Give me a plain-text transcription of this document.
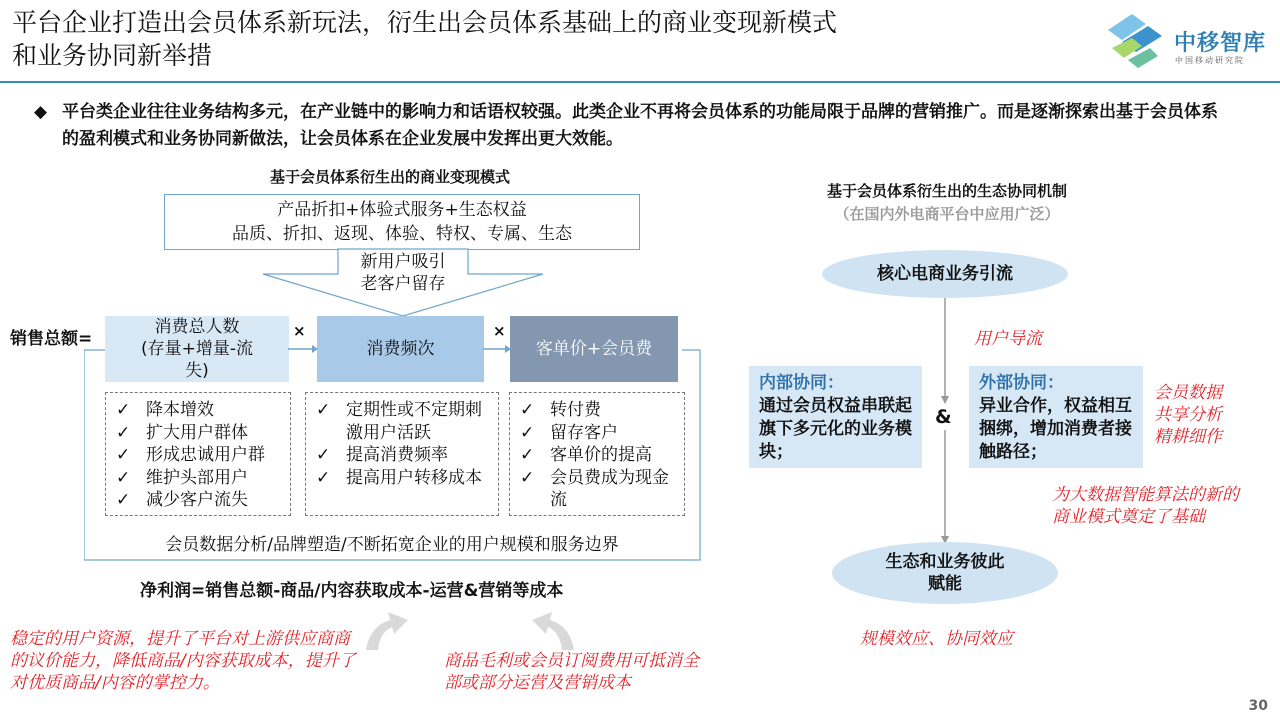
平台企业打造出会员体系新玩法，衍生出会员体系基础上的商业变现新模式
和业务协同新举措	中移智库
中国移动研究院
◆ 平台类企业往往业务结构多元，在产业链中的影响力和话语权较强。此类企业不再将会员体系的功能局限于品牌的营销推广。而是逐渐探索出基于会员体系的盈利模式和业务协同新做法，让会员体系在企业发展中发挥出更大效能。
基于会员体系衍生出的商业变现模式
产品折扣+体验式服务+生态权益
品质、折扣、返现、体验、特权、专属、生态
新用户吸引
老客户留存
销售总额=
消费总人数
(存量+增量-流
失)
消费频次	客单价+会员费
×	×
✓ 降本增效
✓ 扩大用户群体
✓ 形成忠诚用户群
✓ 维护头部用户
✓ 减少客户流失
✓ 定期性或不定期刺激用户活跃
✓ 提高消费频率
✓ 提高用户转移成本
✓ 转付费
✓ 留存客户
✓ 客单价的提高
✓ 会员费成为现金流
会员数据分析/品牌塑造/不断拓宽企业的用户规模和服务边界
净利润=销售总额-商品/内容获取成本-运营&营销等成本
稳定的用户资源，提升了平台对上游供应商商的议价能力，降低商品/内容获取成本，提升了对优质商品/内容的掌控力。
商品毛利或会员订阅费用可抵消全部或部分运营及营销成本
基于会员体系衍生出的生态协同机制
（在国内外电商平台中应用广泛）
核心电商业务引流
用户导流
内部协同：
通过会员权益串联起旗下多元化的业务模块；
&
外部协同：
异业合作，权益相互捆绑，增加消费者接触路径；
会员数据共享分析精耕细作
为大数据智能算法的新的商业模式奠定了基础
生态和业务彼此
赋能
规模效应、协同效应
30
